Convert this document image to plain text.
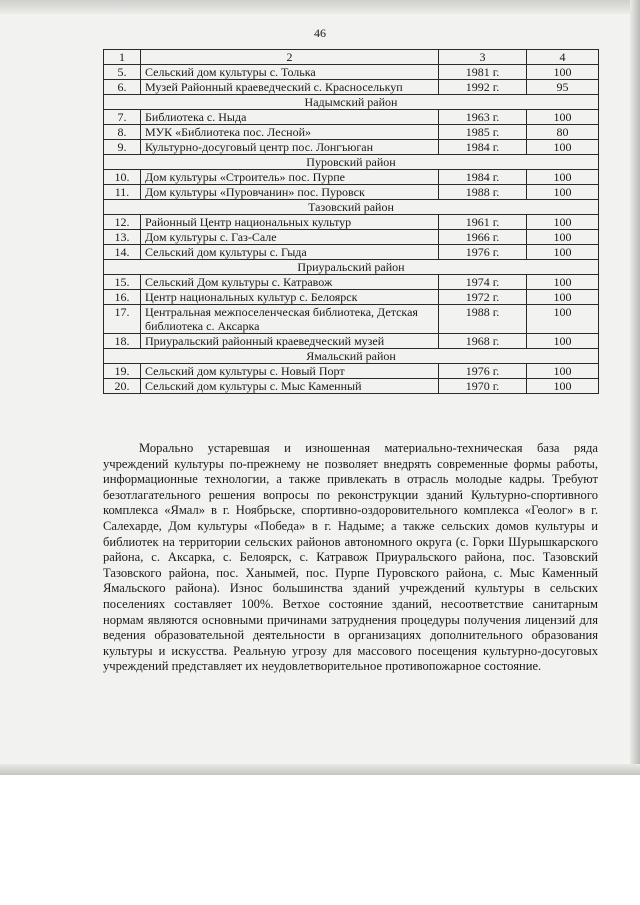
46
1	2	3	4
5.	Сельский дом культуры с. Толька	1981 г.	100
6.	Музей Районный краеведческий с. Красноселькуп	1992 г.	95
Надымский район			
7.	Библиотека с. Ныда	1963 г.	100
8.	МУК «Библиотека пос. Лесной»	1985 г.	80
9.	Культурно-досуговый центр пос. Лонгъюган	1984 г.	100
Пуровский район			
10.	Дом культуры «Строитель» пос. Пурпе	1984 г.	100
11.	Дом культуры «Пуровчанин» пос. Пуровск	1988 г.	100
Тазовский район			
12.	Районный Центр национальных культур	1961 г.	100
13.	Дом культуры с. Газ-Сале	1966 г.	100
14.	Сельский дом культуры с. Гыда	1976 г.	100
Приуральский район			
15.	Сельский Дом культуры с. Катравож	1974 г.	100
16.	Центр национальных культур с. Белоярск	1972 г.	100
17.	Центральная межпоселенческая библиотека, Детская библиотека с. Аксарка	1988 г.	100
18.	Приуральский районный краеведческий музей	1968 г.	100
Ямальский район			
19.	Сельский дом культуры с. Новый Порт	1976 г.	100
20.	Сельский дом культуры с. Мыс Каменный	1970 г.	100

Морально устаревшая и изношенная материально-техническая база ряда учреждений культуры по-прежнему не позволяет внедрять современные формы работы, информационные технологии, а также привлекать в отрасль молодые кадры. Требуют безотлагательного решения вопросы по реконструкции зданий Культурно-спортивного комплекса «Ямал» в г. Ноябрьске, спортивно-оздоровительного комплекса «Геолог» в г. Салехарде, Дом культуры «Победа» в г. Надыме; а также сельских домов культуры и библиотек на территории сельских районов автономного округа (с. Горки Шурышкарского района, с. Аксарка, с. Белоярск, с. Катравож Приуральского района, пос. Тазовский Тазовского района, пос. Ханымей, пос. Пурпе Пуровского района, с. Мыс Каменный Ямальского района). Износ большинства зданий учреждений культуры в сельских поселениях составляет 100%. Ветхое состояние зданий, несоответствие санитарным нормам являются основными причинами затруднения процедуры получения лицензий для ведения образовательной деятельности в организациях дополнительного образования культуры и искусства. Реальную угрозу для массового посещения культурно-досуговых учреждений представляет их неудовлетворительное противопожарное состояние.
